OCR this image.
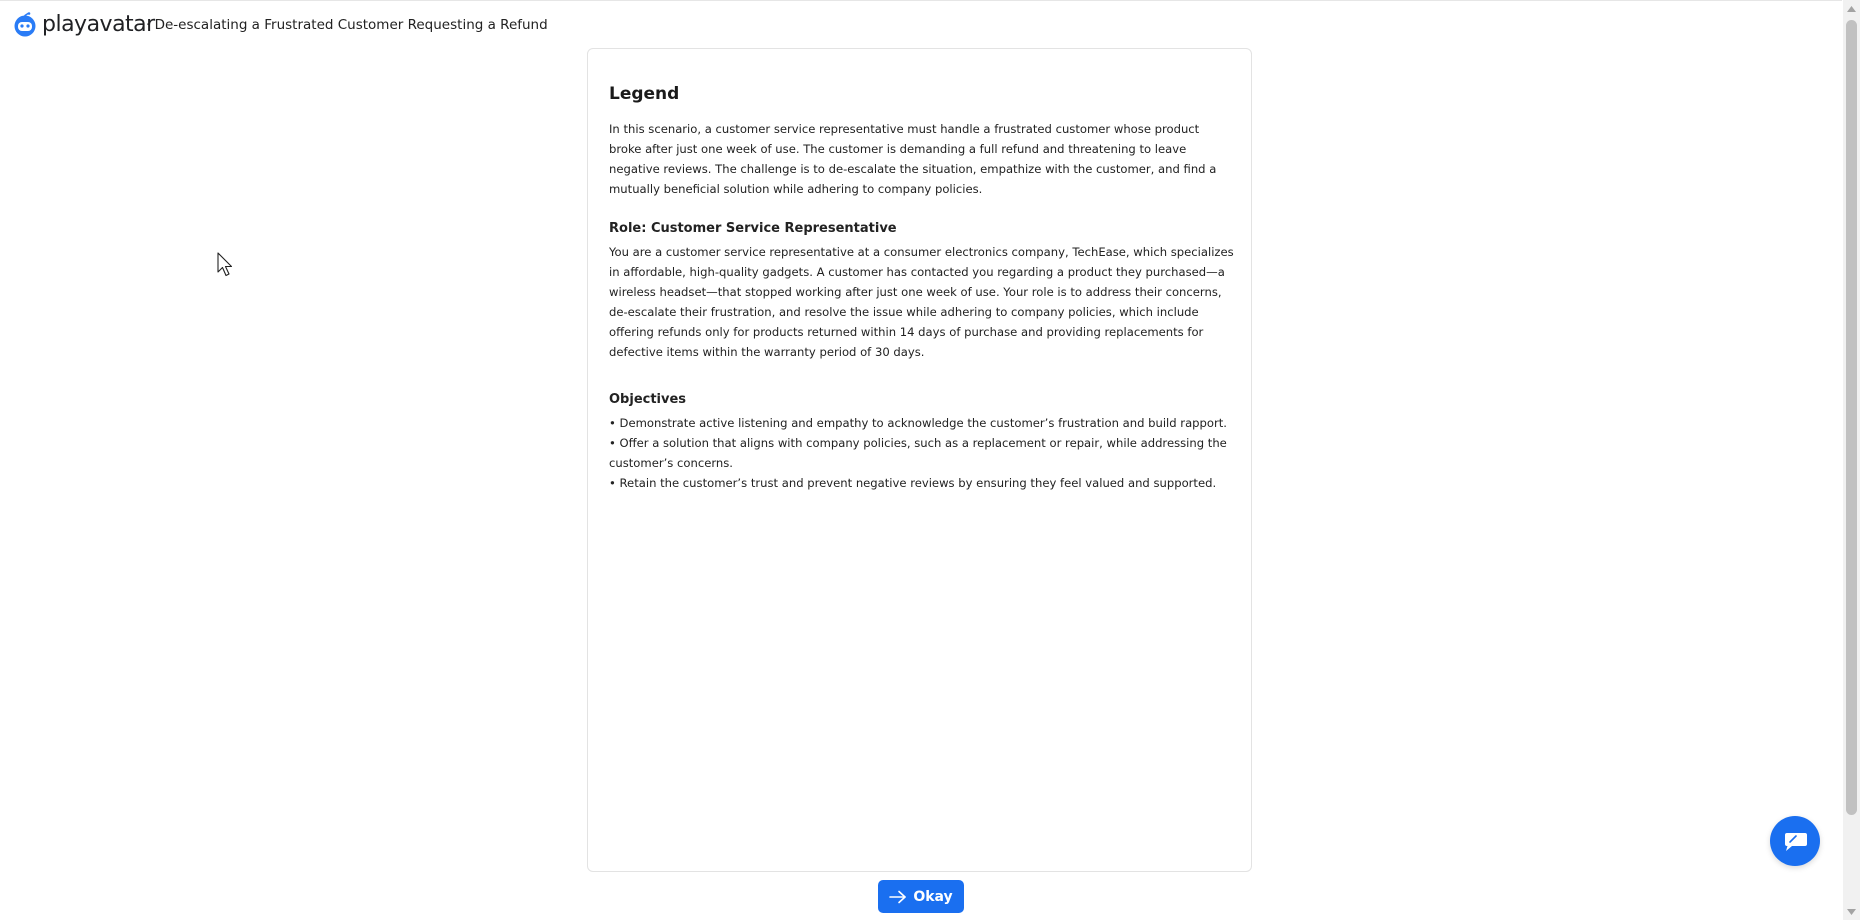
playavatar
· De-escalating a Frustrated Customer Requesting a Refund
Legend

In this scenario, a customer service representative must handle a frustrated customer whose product broke after just one week of use. The customer is demanding a full refund and threatening to leave negative reviews. The challenge is to de-escalate the situation, empathize with the customer, and find a mutually beneficial solution while adhering to company policies.

Role: Customer Service Representative

You are a customer service representative at a consumer electronics company, TechEase, which specializes in affordable, high-quality gadgets. A customer has contacted you regarding a product they purchased—a wireless headset—that stopped working after just one week of use. Your role is to address their concerns, de-escalate their frustration, and resolve the issue while adhering to company policies, which include offering refunds only for products returned within 14 days of purchase and providing replacements for defective items within the warranty period of 30 days.

Objectives

• Demonstrate active listening and empathy to acknowledge the customer’s frustration and build rapport.

• Offer a solution that aligns with company policies, such as a replacement or repair, while addressing the customer’s concerns.

• Retain the customer’s trust and prevent negative reviews by ensuring they feel valued and supported.

Okay
